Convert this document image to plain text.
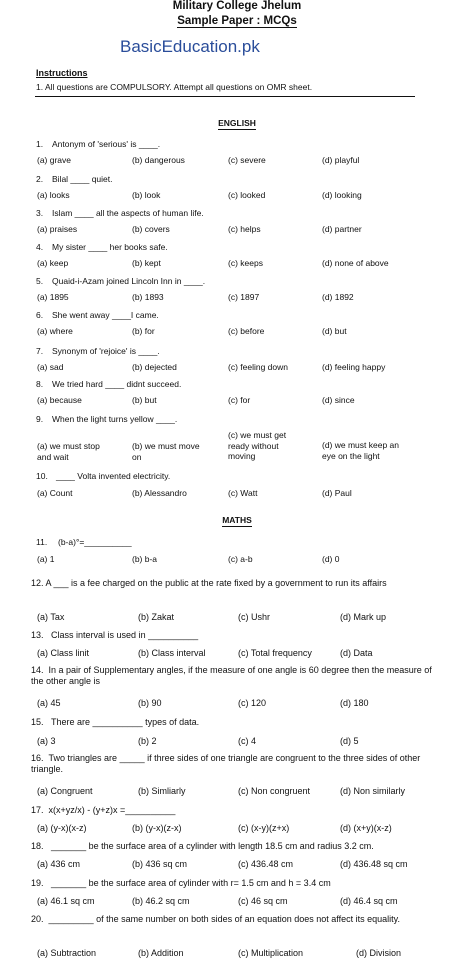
Military College Jhelum
Sample Paper : MCQs
BasicEducation.pk
Instructions
1. All questions are COMPULSORY. Attempt all questions on OMR sheet.
ENGLISH
1. Antonym of 'serious' is ____.
(a) grave	(b) dangerous	(c) severe	(d) playful
2. Bilal ____ quiet.
(a) looks	(b) look	(c) looked	(d) looking
3. Islam ____ all the aspects of human life.
(a) praises	(b) covers	(c) helps	(d) partner
4. My sister ____ her books safe.
(a) keep	(b) kept	(c) keeps	(d) none of above
5. Quaid-i-Azam joined Lincoln Inn in ____.
(a) 1895	(b) 1893	(c) 1897	(d) 1892
6. She went away ____I came.
(a) where	(b) for	(c) before	(d) but
7. Synonym of 'rejoice' is ____.
(a) sad	(b) dejected	(c) feeling down	(d) feeling happy
8. We tried hard ____ didnt succeed.
(a) because	(b) but	(c) for	(d) since
9. When the light turns yellow ____.
(a) we must stop
and wait
(b) we must move
on
(c) we must get
ready without
moving
(d) we must keep an
eye on the light
10. ____ Volta invented electricity.
(a) Count	(b) Alessandro	(c) Watt	(d) Paul
MATHS
11. (b-a)°=__________
(a) 1	(b) b-a	(c) a-b	(d) 0
12. A ___ is a fee charged on the public at the rate fixed by a government to run its affairs
(a) Tax	(b) Zakat	(c) Ushr	(d) Mark up
13. Class interval is used in __________
(a) Class linit	(b) Class interval	(c) Total frequency	(d) Data
14. In a pair of Supplementary angles, if the measure of one angle is 60 degree then the measure of the other angle is
(a) 45	(b) 90	(c) 120	(d) 180
15. There are __________ types of data.
(a) 3	(b) 2	(c) 4	(d) 5
16. Two triangles are _____ if three sides of one triangle are congruent to the three sides of other triangle.
(a) Congruent	(b) Simliarly	(c) Non congruent	(d) Non similarly
17. x(x+yz/x) - (y+z)x =__________
(a) (y-x)(x-z)	(b) (y-x)(z-x)	(c) (x-y)(z+x)	(d) (x+y)(x-z)
18. _______ be the surface area of a cylinder with length 18.5 cm and radius 3.2 cm.
(a) 436 cm	(b) 436 sq cm	(c) 436.48 cm	(d) 436.48 sq cm
19. _______ be the surface area of cylinder with r= 1.5 cm and h = 3.4 cm
(a) 46.1 sq cm	(b) 46.2 sq cm	(c) 46 sq cm	(d) 46.4 sq cm
20. _________ of the same number on both sides of an equation does not affect its equality.
(a) Subtraction	(b) Addition	(c) Multiplication	(d) Division
